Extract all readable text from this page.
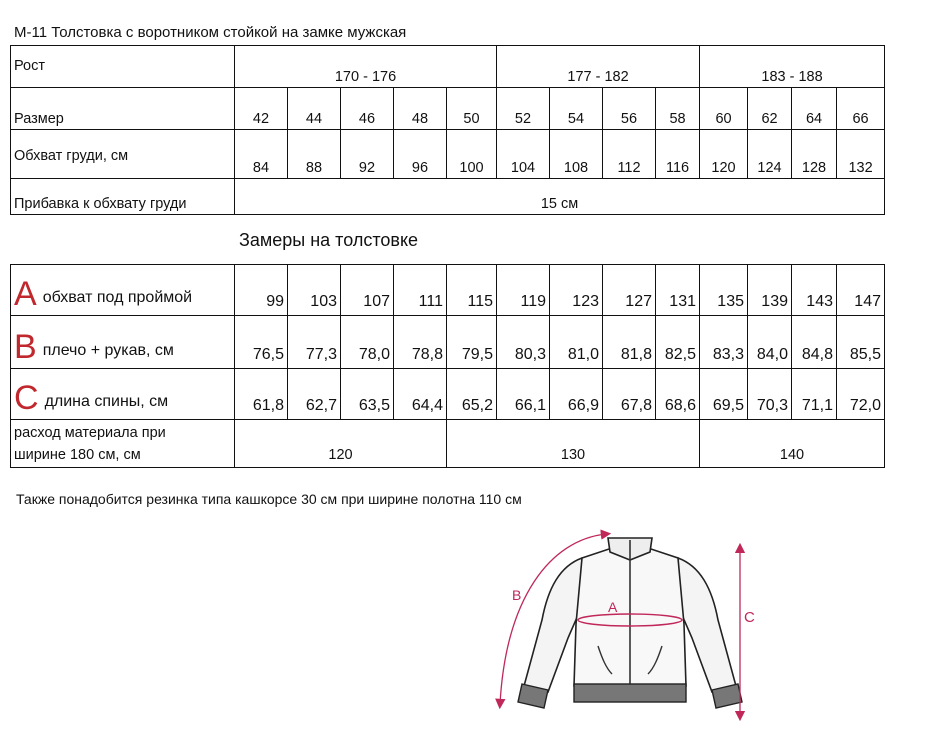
М-11 Толстовка с воротником стойкой на замке мужская
Рост	170 - 176					177 - 182				183 - 188			
Размер	42	44	46	48	50	52	54	56	58	60	62	64	66
Обхват груди, см	84	88	92	96	100	104	108	112	116	120	124	128	132
Прибавка к обхвату груди	15 см												
Замеры на толстовке
A обхват под проймой	99	103	107	111	115	119	123	127	131	135	139	143	147
B плечо + рукав, см	76,5	77,3	78,0	78,8	79,5	80,3	81,0	81,8	82,5	83,3	84,0	84,8	85,5
C длина спины, см	61,8	62,7	63,5	64,4	65,2	66,1	66,9	67,8	68,6	69,5	70,3	71,1	72,0
расход материала при
ширине 180 см, см	120				130					140			
Также понадобится резинка типа кашкорсе 30 см при ширине полотна 110 см
A
B
C
